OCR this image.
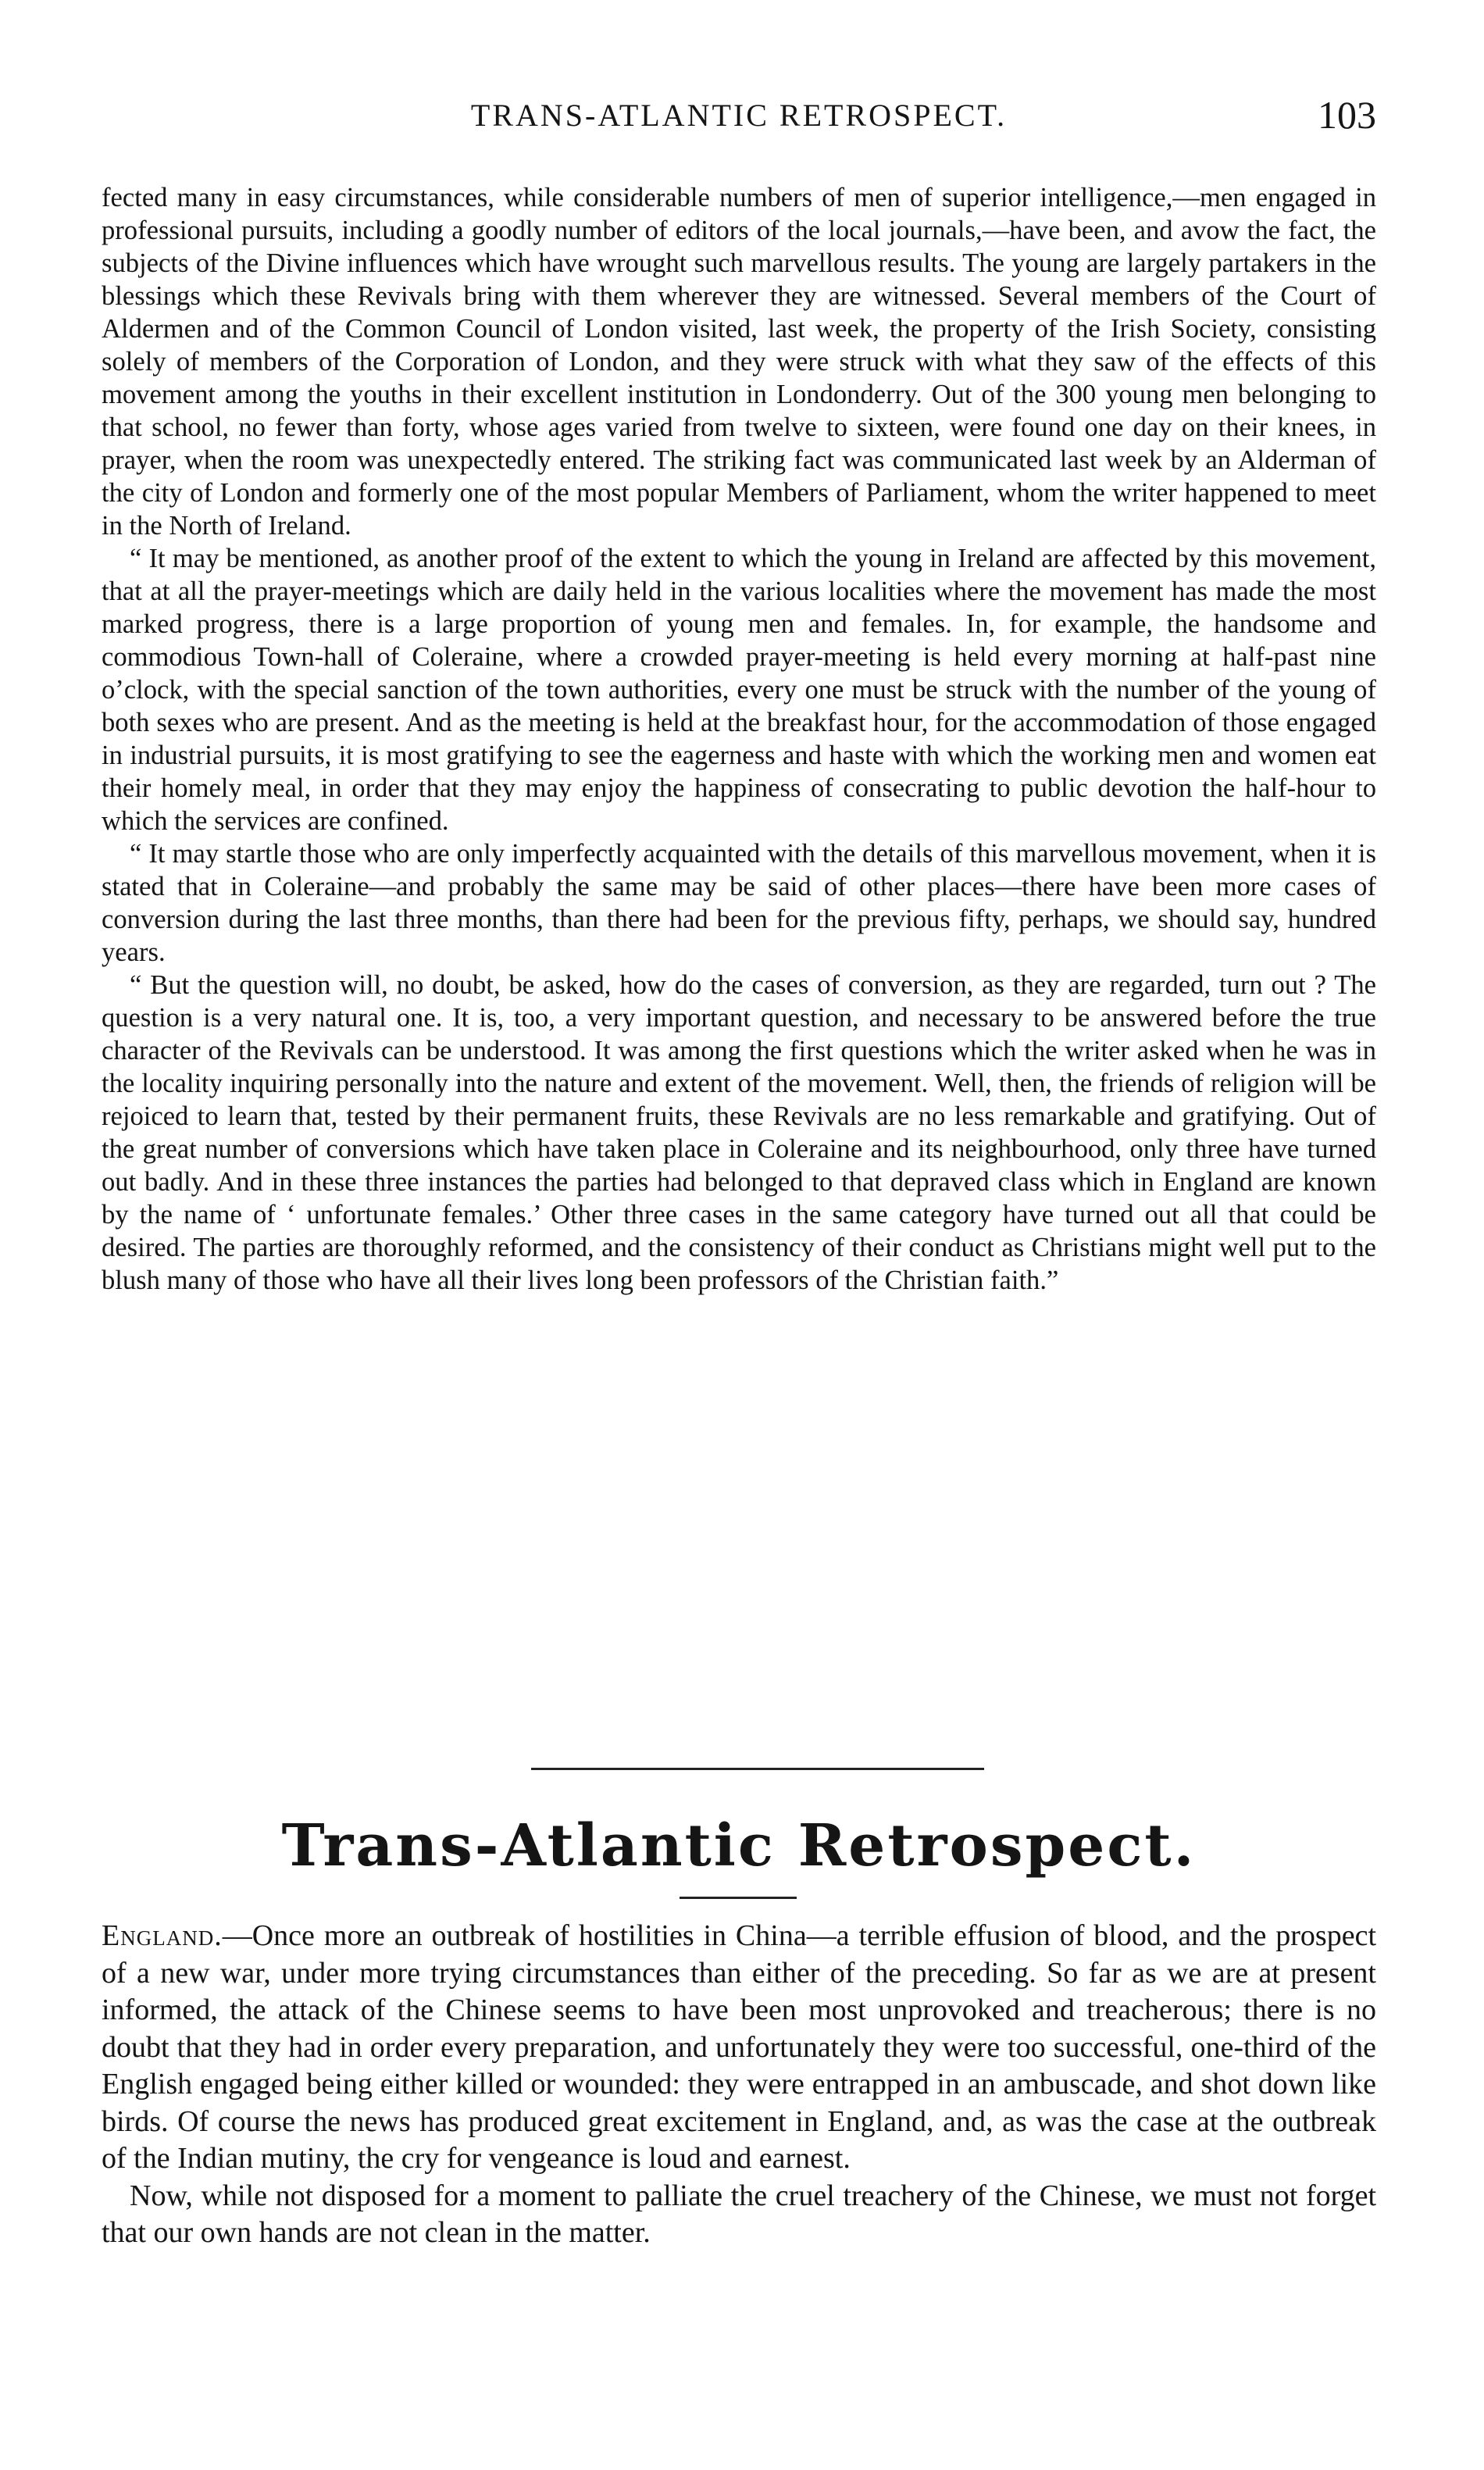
TRANS-ATLANTIC RETROSPECT.	103

fected many in easy circumstances, while considerable numbers of men of superior intelligence,—men engaged in professional pursuits, including a goodly number of editors of the local journals,—have been, and avow the fact, the subjects of the Divine influences which have wrought such marvellous results. The young are largely partakers in the blessings which these Revivals bring with them wherever they are witnessed. Several members of the Court of Aldermen and of the Common Council of London visited, last week, the property of the Irish Society, consisting solely of members of the Corporation of London, and they were struck with what they saw of the effects of this movement among the youths in their excellent institution in Londonderry. Out of the 300 young men belonging to that school, no fewer than forty, whose ages varied from twelve to sixteen, were found one day on their knees, in prayer, when the room was unexpectedly entered. The striking fact was communicated last week by an Alderman of the city of London and formerly one of the most popular Members of Parliament, whom the writer happened to meet in the North of Ireland.

“ It may be mentioned, as another proof of the extent to which the young in Ireland are affected by this movement, that at all the prayer-meetings which are daily held in the various localities where the movement has made the most marked progress, there is a large proportion of young men and females. In, for example, the handsome and commodious Town-hall of Coleraine, where a crowded prayer-meeting is held every morning at half-past nine o’clock, with the special sanction of the town authorities, every one must be struck with the number of the young of both sexes who are present. And as the meeting is held at the breakfast hour, for the accommodation of those engaged in industrial pursuits, it is most gratifying to see the eagerness and haste with which the working men and women eat their homely meal, in order that they may enjoy the happiness of consecrating to public devotion the half-hour to which the services are confined.

“ It may startle those who are only imperfectly acquainted with the details of this marvellous movement, when it is stated that in Coleraine—and probably the same may be said of other places—there have been more cases of conversion during the last three months, than there had been for the previous fifty, perhaps, we should say, hundred years.

“ But the question will, no doubt, be asked, how do the cases of conversion, as they are regarded, turn out ? The question is a very natural one. It is, too, a very important question, and necessary to be answered before the true character of the Revivals can be understood. It was among the first questions which the writer asked when he was in the locality inquiring personally into the nature and extent of the movement. Well, then, the friends of religion will be rejoiced to learn that, tested by their permanent fruits, these Revivals are no less remarkable and gratifying. Out of the great number of conversions which have taken place in Coleraine and its neighbourhood, only three have turned out badly. And in these three instances the parties had belonged to that depraved class which in England are known by the name of ‘ unfortunate females.’ Other three cases in the same category have turned out all that could be desired. The parties are thoroughly reformed, and the consistency of their conduct as Christians might well put to the blush many of those who have all their lives long been professors of the Christian faith.”

Trans-Atlantic Retrospect.

England.—Once more an outbreak of hostilities in China—a terrible effusion of blood, and the prospect of a new war, under more trying circumstances than either of the preceding. So far as we are at present informed, the attack of the Chinese seems to have been most unprovoked and treacherous; there is no doubt that they had in order every preparation, and unfortunately they were too successful, one-third of the English engaged being either killed or wounded: they were entrapped in an ambuscade, and shot down like birds. Of course the news has produced great excitement in England, and, as was the case at the outbreak of the Indian mutiny, the cry for vengeance is loud and earnest.

Now, while not disposed for a moment to palliate the cruel treachery of the Chinese, we must not forget that our own hands are not clean in the matter.
